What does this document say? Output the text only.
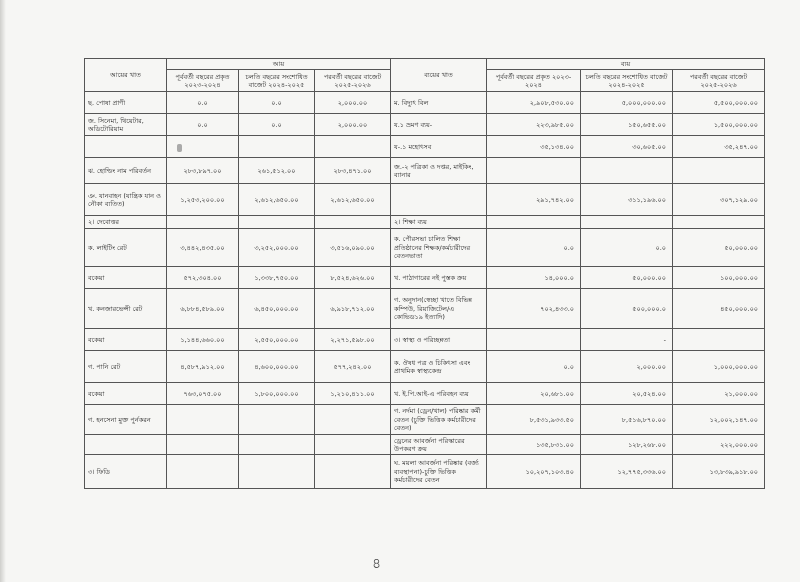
আয়ের খাত	আয়			ব্যয়ের খাত	ব্যয়		
	পূর্ববর্তী বছরের প্রকৃত ২০২৩-২০২৪	চলতি বছরের সংশোধিত বাজেট ২০২৪-২০২৫	পরবর্তী বছরের বাজেট ২০২৫-২০২৬		পূর্ববর্তী বছরের প্রকৃত ২০২৩- ২০২৪	চলতি বছরের সংশোধিত বাজেট ২০২৪-২০২৫	পরবর্তী বছরের বাজেট ২০২৫-২০২৬
ছ. পোষা প্রাণী	০.০	০.০	২,০০০.০০	ম. বিদ্যুৎ বিল	২,৯০৮,৫৩০.০০	৫,০০০,০০০.০০	৫,৫০০,০০০.০০
জ. সিনেমা, থিয়েটার, অডিটোরিয়াম	০.০	০.০	২,০০০.০০	য.১ ভ্রমণ ব্যয়-	২২৩,৯৮৫.০০	১৫০,৬৫৫.০০	১,৫০০,০০০.০০
				য-.১ মহোৎসব	৩৫,১৩৪.০০	৩০,৬০৫.০০	৩৫,২৪৭.০০
ঝ. হোল্ডিং নাম পরিবর্তন	২৮৩,৮৯৭.০০	২৬১,৫১২.০০	২৮৩,৪৭১.০০	জ.-২ পত্রিকা ও দপ্তর, মাইকিং, ব্যানার			
ঞ. যানবাহন (যান্ত্রিক যান ও নৌকা ব্যতিত)	১,২৫৩,২০০.০০	২,৬১২,৬৫০.০০	২,৬১২,৬৫০.০০		২৯১,৭৪২.০০	৩১১,১৯৬.০০	৩০৭,১২৯.০০
২। দেবোত্তর				২। শিক্ষা ব্যয়			
ক. লাইটিং রেট	৩,৪৪২,৪৩৫.০০	৩,২৫২,০০০.০০	৩,৫১৬,০৯০.০০	ক. পৌরসভা চালিত শিক্ষা প্রতিষ্ঠানের শিক্ষক/কর্মচারীদের বেতনভাতা	০.০	০.০	৫০,০০০.০০
বকেয়া	৫৭২,৩০৪.০০	১,৩৩৮,৭৫০.০০	৮,৫২৪,৬২৬.০০	খ. পাঠাগারের নই পুস্তক ক্রয়	১৪,০০০.০	৫০,০০০.০০	১০০,০০০.০০
খ. কনজারভেন্সী রেট	৬,৮৮৪,৫৮৯.০০	৬,৪৫০,০০০.০০	৬,৯১৮,৭১২.০০	গ. অনুদান(স্বেচ্ছা খাতে বিভিন্ন কম্পিউ, রিয়াজিটেল/এ কোভিড১৯ ইত্যাদি)	৭০২,৪৩৩.০	৫০০,০০০.০	৪৫০,০০০.০০
বকেয়া	১,১৪৪,৬৬০.০০	২,৫৫০,০০০.০০	২,২৭১,৫৯৮.০০	৩। স্বাস্থ্য ও পরিচ্ছন্নতা		-	
গ. পানি রেট	৪,৫৮৭,৯১২.০০	৪,৬০০,০০০.০০	৫৭৭,২৪২.০০	ক. ঔষধ পত্র ও চিকিৎসা এবং প্রাথমিক স্বাস্থ্যকেন্দ্র	০.০	২,০০০.০০	১,০০০,০০০.০০
বকেয়া	৭৬৩,০৭৫.০০	১,৮০০,০০০.০০	১,২১০,৪১১.০০	খ. ই.পি.আই-এ পরিবহন ব্যয়	২০,৬৮১.০০	২০,৫২৪.০০	২১,০০০.০০
গ. হনসেনা মুক্ত পুর্নকরন				গ. নর্দমা (ড্রেন/খাল) পরিষ্কার কর্মী বেতন (চুক্তি ভিত্তিক কর্মচারীদের বেতন)	৮,৫৩১,৯৩৩.৫০	৮,৫১৬,৮৭০.০০	১২,০০২,১৪৭.০০
				ড্রেনের আবর্জনা পরিস্কারের উপকরণ ক্রয়	১৩৫,৮৩১.০০	১২৮,২৬৮.০০	২২২,০০০.০০
৩। ফিডি				ঘ. ময়লা আবর্জনা পরিষ্কার (বর্জ্য ব্যবস্থাপনা)-চুক্তি ভিত্তিক কর্মচারীদের বেতন	১০,২০৭,১০৩.৪০	১২,৭৭৫,৩৩৬.০০	১৩,৮৩৯,৯১৮.০০
৪
